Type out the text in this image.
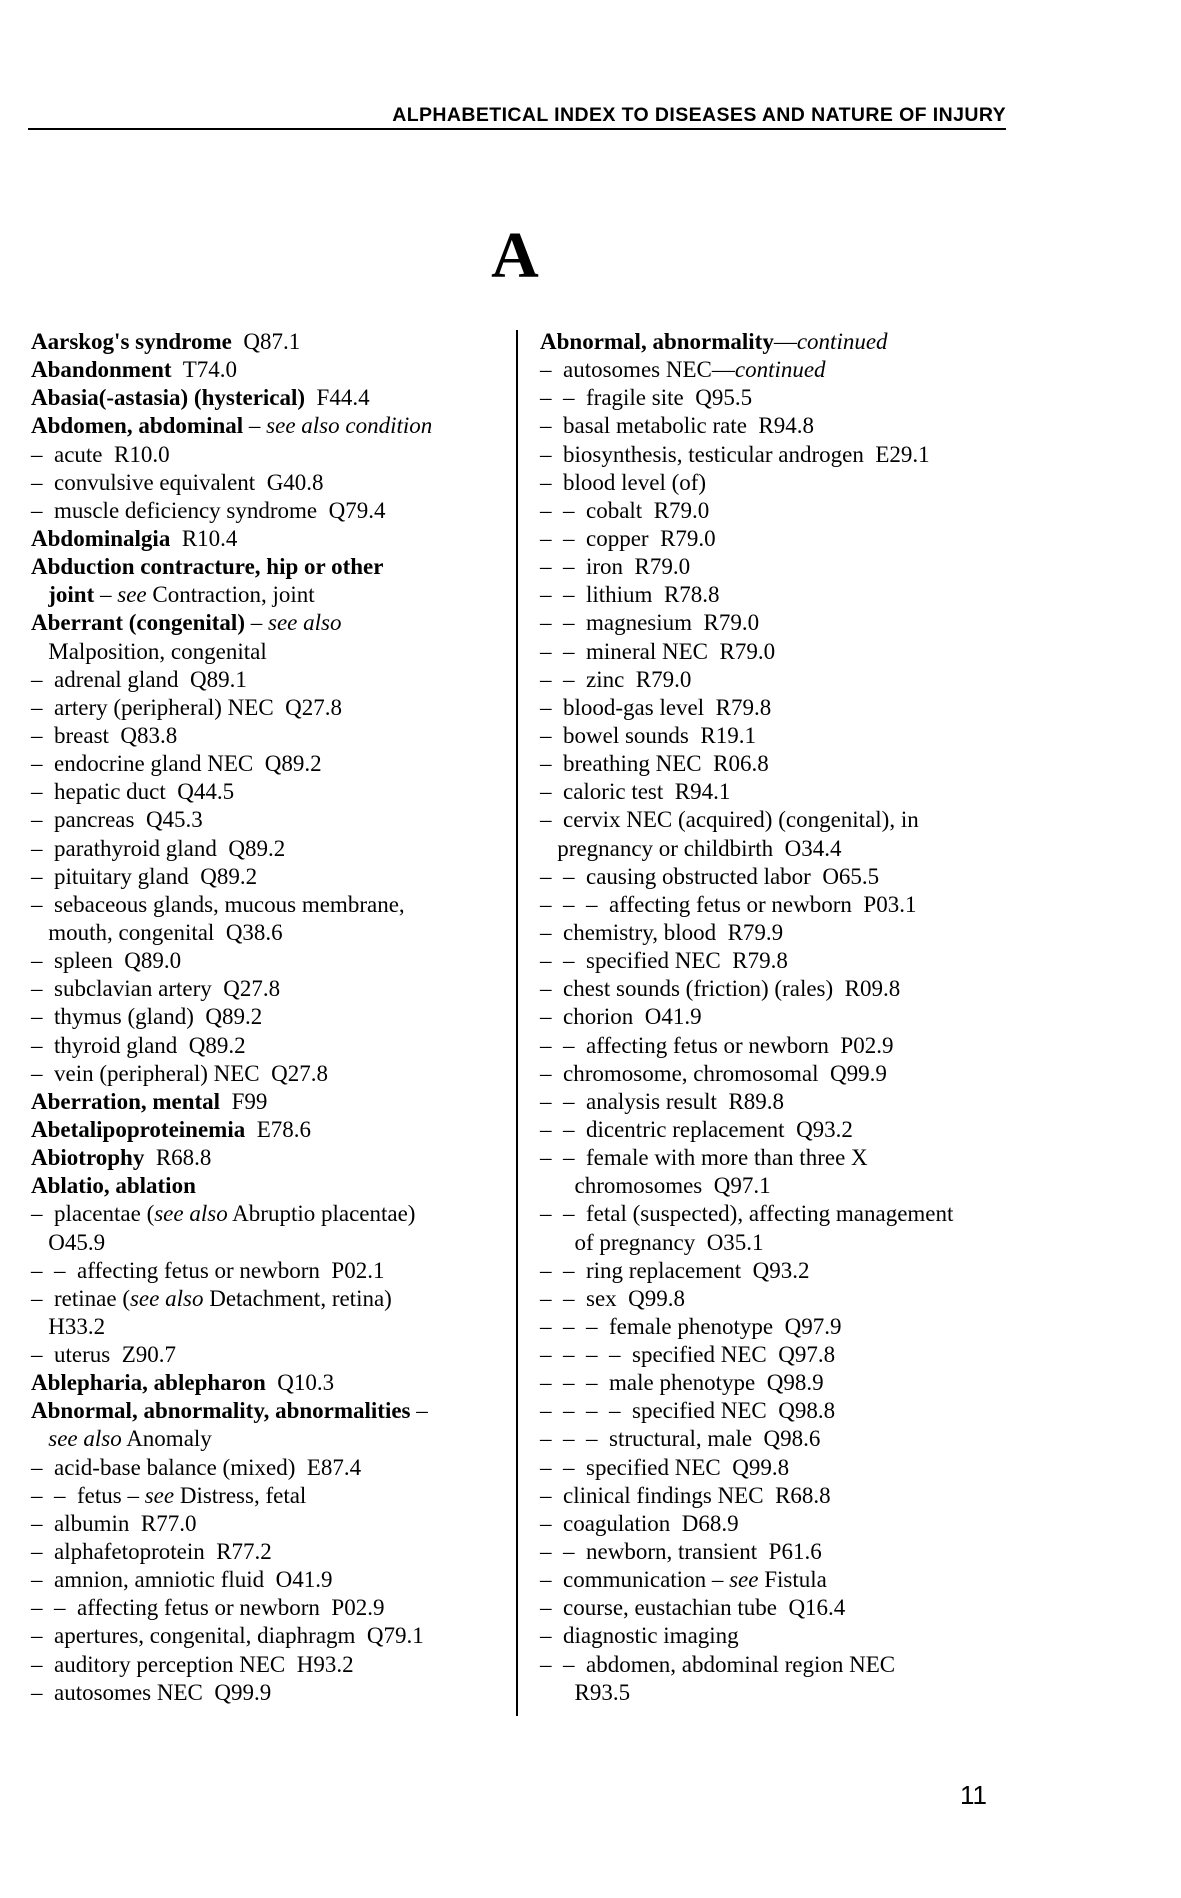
ALPHABETICAL INDEX TO DISEASES AND NATURE OF INJURY
A
Aarskog's syndrome  Q87.1
Abandonment  T74.0
Abasia(-astasia) (hysterical)  F44.4
Abdomen, abdominal – see also condition
–  acute  R10.0
–  convulsive equivalent  G40.8
–  muscle deficiency syndrome  Q79.4
Abdominalgia  R10.4
Abduction contracture, hip or other
joint – see Contraction, joint
Aberrant (congenital) – see also
Malposition, congenital
–  adrenal gland  Q89.1
–  artery (peripheral) NEC  Q27.8
–  breast  Q83.8
–  endocrine gland NEC  Q89.2
–  hepatic duct  Q44.5
–  pancreas  Q45.3
–  parathyroid gland  Q89.2
–  pituitary gland  Q89.2
–  sebaceous glands, mucous membrane,
mouth, congenital  Q38.6
–  spleen  Q89.0
–  subclavian artery  Q27.8
–  thymus (gland)  Q89.2
–  thyroid gland  Q89.2
–  vein (peripheral) NEC  Q27.8
Aberration, mental  F99
Abetalipoproteinemia  E78.6
Abiotrophy  R68.8
Ablatio, ablation
–  placentae (see also Abruptio placentae)
O45.9
–  –  affecting fetus or newborn  P02.1
–  retinae (see also Detachment, retina)
H33.2
–  uterus  Z90.7
Ablepharia, ablepharon  Q10.3
Abnormal, abnormality, abnormalities –
see also Anomaly
–  acid-base balance (mixed)  E87.4
–  –  fetus – see Distress, fetal
–  albumin  R77.0
–  alphafetoprotein  R77.2
–  amnion, amniotic fluid  O41.9
–  –  affecting fetus or newborn  P02.9
–  apertures, congenital, diaphragm  Q79.1
–  auditory perception NEC  H93.2
–  autosomes NEC  Q99.9
Abnormal, abnormality—continued
–  autosomes NEC—continued
–  –  fragile site  Q95.5
–  basal metabolic rate  R94.8
–  biosynthesis, testicular androgen  E29.1
–  blood level (of)
–  –  cobalt  R79.0
–  –  copper  R79.0
–  –  iron  R79.0
–  –  lithium  R78.8
–  –  magnesium  R79.0
–  –  mineral NEC  R79.0
–  –  zinc  R79.0
–  blood-gas level  R79.8
–  bowel sounds  R19.1
–  breathing NEC  R06.8
–  caloric test  R94.1
–  cervix NEC (acquired) (congenital), in
pregnancy or childbirth  O34.4
–  –  causing obstructed labor  O65.5
–  –  –  affecting fetus or newborn  P03.1
–  chemistry, blood  R79.9
–  –  specified NEC  R79.8
–  chest sounds (friction) (rales)  R09.8
–  chorion  O41.9
–  –  affecting fetus or newborn  P02.9
–  chromosome, chromosomal  Q99.9
–  –  analysis result  R89.8
–  –  dicentric replacement  Q93.2
–  –  female with more than three X
chromosomes  Q97.1
–  –  fetal (suspected), affecting management
of pregnancy  O35.1
–  –  ring replacement  Q93.2
–  –  sex  Q99.8
–  –  –  female phenotype  Q97.9
–  –  –  –  specified NEC  Q97.8
–  –  –  male phenotype  Q98.9
–  –  –  –  specified NEC  Q98.8
–  –  –  structural, male  Q98.6
–  –  specified NEC  Q99.8
–  clinical findings NEC  R68.8
–  coagulation  D68.9
–  –  newborn, transient  P61.6
–  communication – see Fistula
–  course, eustachian tube  Q16.4
–  diagnostic imaging
–  –  abdomen, abdominal region NEC
R93.5
11
